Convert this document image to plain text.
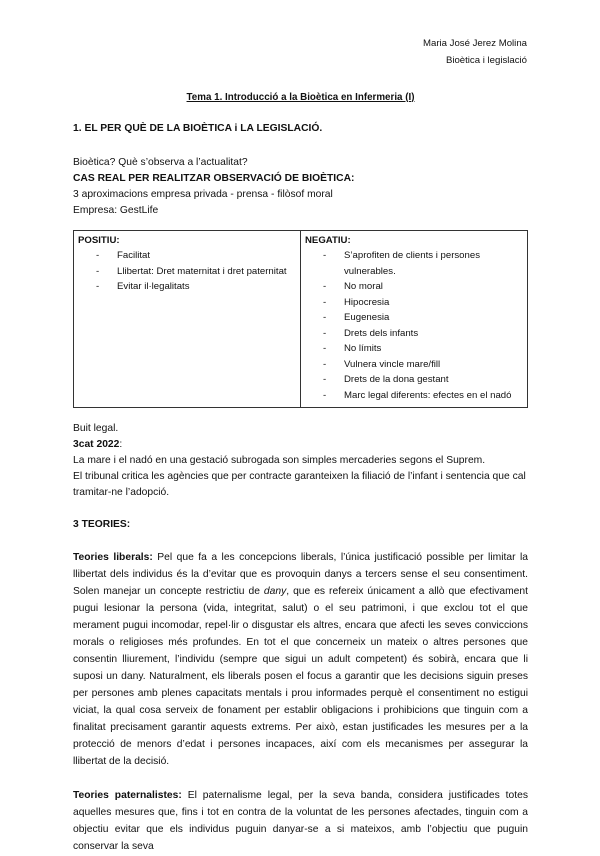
Maria José Jerez Molina
Bioètica i legislació
Tema 1. Introducció a la Bioètica en Infermeria (I)
1. EL PER QUÈ DE LA BIOÈTICA i LA LEGISLACIÓ.
Bioètica? Què s’observa a l’actualitat?
CAS REAL PER REALITZAR OBSERVACIÓ DE BIOÈTICA:
3 aproximacions empresa privada - prensa - filòsof moral
Empresa: GestLife
POSITIU:
- Facilitat
- Llibertat: Dret maternitat i dret paternitat
- Evitar il·legalitats

NEGATIU:
- S’aprofiten de clients i persones vulnerables.
- No moral
- Hipocresia
- Eugenesia
- Drets dels infants
- No límits
- Vulnera vincle mare/fill
- Drets de la dona gestant
- Marc legal diferents: efectes en el nadó
Buit legal.
3cat 2022:
La mare i el nadó en una gestació subrogada son simples mercaderies segons el Suprem.
El tribunal critica les agències que per contracte garanteixen la filiació de l’infant i sentencia que cal tramitar-ne l’adopció.
3 TEORIES:
Teories liberals: Pel que fa a les concepcions liberals, l’única justificació possible per limitar la llibertat dels individus és la d’evitar que es provoquin danys a tercers sense el seu consentiment. Solen manejar un concepte restrictiu de dany, que es refereix únicament a allò que efectivament pugui lesionar la persona (vida, integritat, salut) o el seu patrimoni, i que exclou tot el que merament pugui incomodar, repel·lir o disgustar els altres, encara que afecti les seves conviccions morals o religioses més profundes. En tot el que concerneix un mateix o altres persones que consentin lliurement, l’individu (sempre que sigui un adult competent) és sobirà, encara que li suposi un dany. Naturalment, els liberals posen el focus a garantir que les decisions siguin preses per persones amb plenes capacitats mentals i prou informades perquè el consentiment no estigui viciat, la qual cosa serveix de fonament per establir obligacions i prohibicions que tinguin com a finalitat precisament garantir aquests extrems. Per això, estan justificades les mesures per a la protecció de menors d’edat i persones incapaces, així com els mecanismes per assegurar la llibertat de la decisió.
Teories paternalistes: El paternalisme legal, per la seva banda, considera justificades totes aquelles mesures que, fins i tot en contra de la voluntat de les persones afectades, tinguin com a objectiu evitar que els individus puguin danyar-se a si mateixos, amb l’objectiu que puguin conservar la seva
